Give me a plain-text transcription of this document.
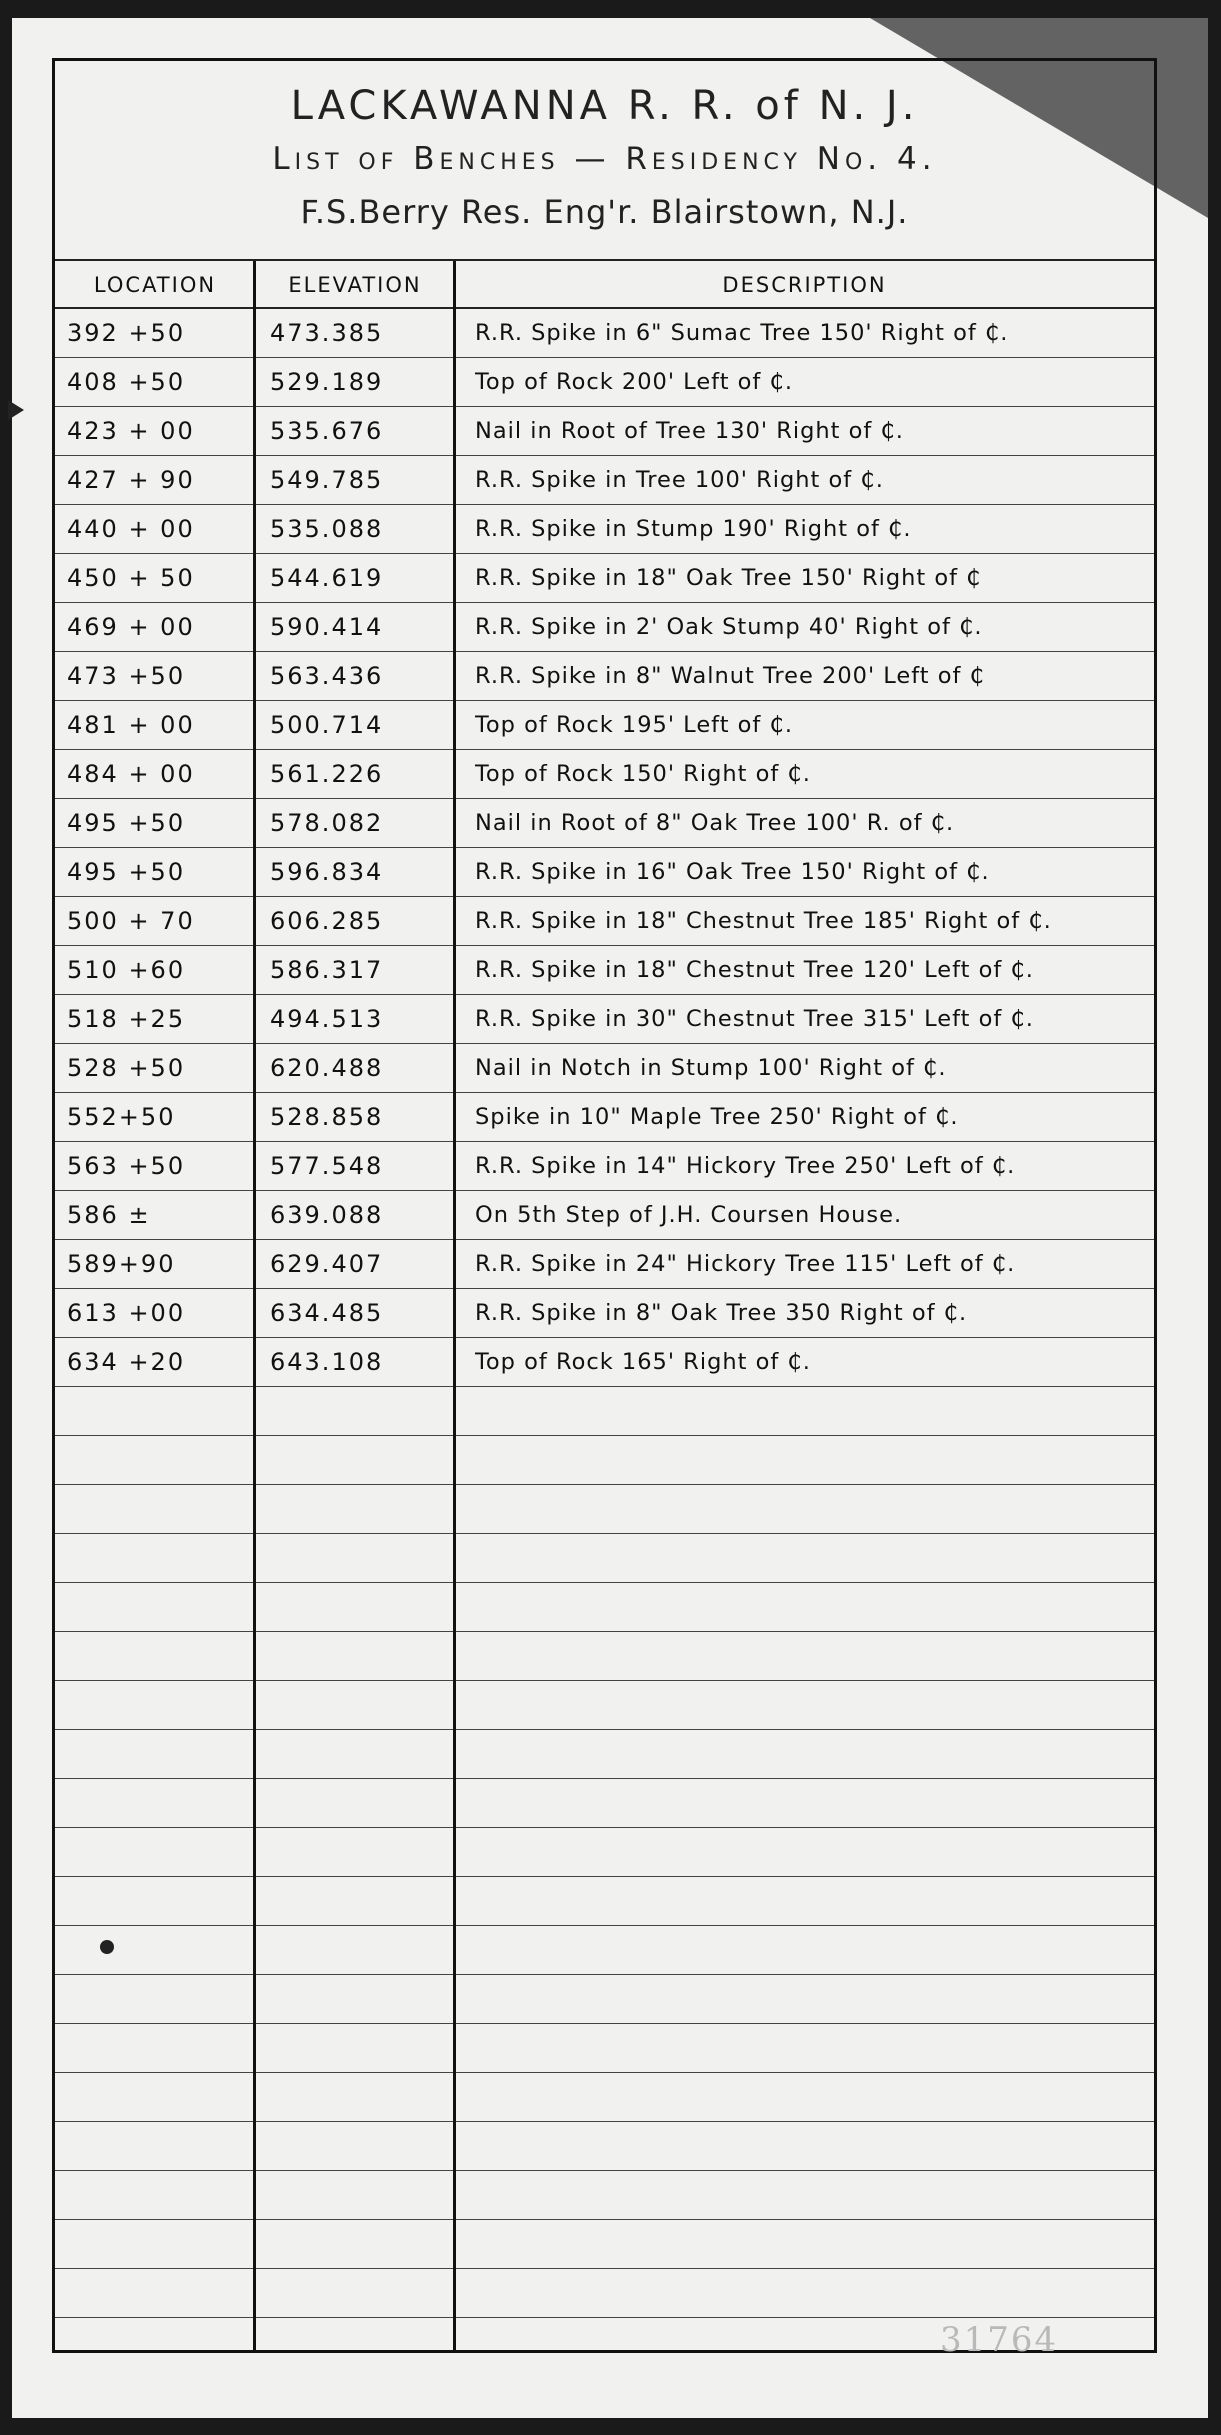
LACKAWANNA R. R. of N. J.
List of Benches — Residency No. 4.
F.S.Berry Res. Eng'r. Blairstown, N.J.
LOCATION	ELEVATION	DESCRIPTION
392 +50	473.385	R.R. Spike in 6" Sumac Tree 150' Right of ₵.
408 +50	529.189	Top of Rock 200' Left of ₵.
423 + 00	535.676	Nail in Root of Tree 130' Right of ₵.
427 + 90	549.785	R.R. Spike in Tree 100' Right of ₵.
440 + 00	535.088	R.R. Spike in Stump 190' Right of ₵.
450 + 50	544.619	R.R. Spike in 18" Oak Tree 150' Right of ₵
469 + 00	590.414	R.R. Spike in 2' Oak Stump 40' Right of ₵.
473 +50	563.436	R.R. Spike in 8" Walnut Tree 200' Left of ₵
481 + 00	500.714	Top of Rock 195' Left of ₵.
484 + 00	561.226	Top of Rock 150' Right of ₵.
495 +50	578.082	Nail in Root of 8" Oak Tree 100' R. of ₵.
495 +50	596.834	R.R. Spike in 16" Oak Tree 150' Right of ₵.
500 + 70	606.285	R.R. Spike in 18" Chestnut Tree 185' Right of ₵.
510 +60	586.317	R.R. Spike in 18" Chestnut Tree 120' Left of ₵.
518 +25	494.513	R.R. Spike in 30" Chestnut Tree 315' Left of ₵.
528 +50	620.488	Nail in Notch in Stump 100' Right of ₵.
552+50	528.858	Spike in 10" Maple Tree 250' Right of ₵.
563 +50	577.548	R.R. Spike in 14" Hickory Tree 250' Left of ₵.
586 ±	639.088	On 5th Step of J.H. Coursen House.
589+90	629.407	R.R. Spike in 24" Hickory Tree 115' Left of ₵.
613 +00	634.485	R.R. Spike in 8" Oak Tree 350 Right of ₵.
634 +20	643.108	Top of Rock 165' Right of ₵.
31764
